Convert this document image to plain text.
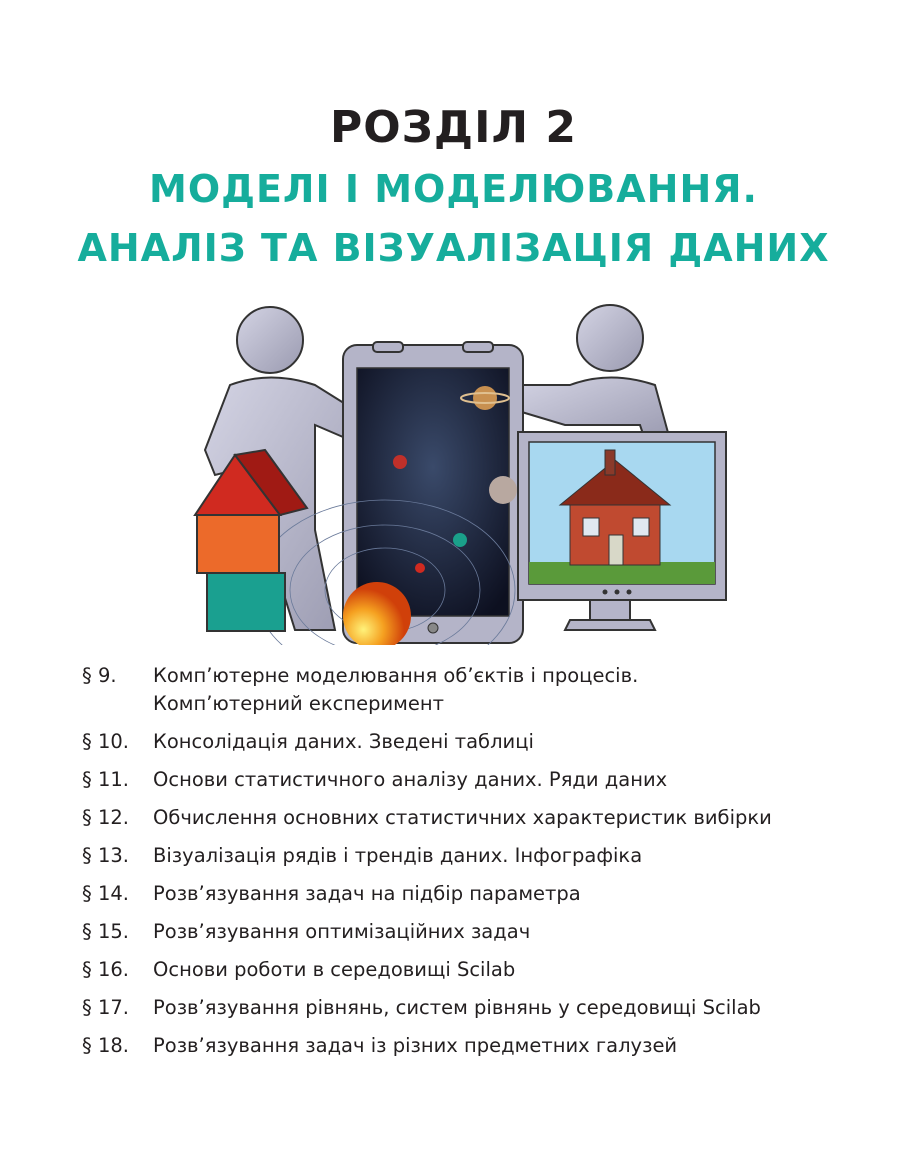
РОЗДІЛ 2
МОДЕЛІ І МОДЕЛЮВАННЯ.
АНАЛІЗ ТА ВІЗУАЛІЗАЦІЯ ДАНИХ
§ 9. Комп’ютерне моделювання об’єктів і процесів.
Комп’ютерний експеримент
§ 10. Консолідація даних. Зведені таблиці
§ 11. Основи статистичного аналізу даних. Ряди даних
§ 12. Обчислення основних статистичних характеристик вибірки
§ 13. Візуалізація рядів і трендів даних. Інфографіка
§ 14. Розв’язування задач на підбір параметра
§ 15. Розв’язування оптимізаційних задач
§ 16. Основи роботи в середовищі Scilab
§ 17. Розв’язування рівнянь, систем рівнянь у середовищі Scilab
§ 18. Розв’язування задач із різних предметних галузей
